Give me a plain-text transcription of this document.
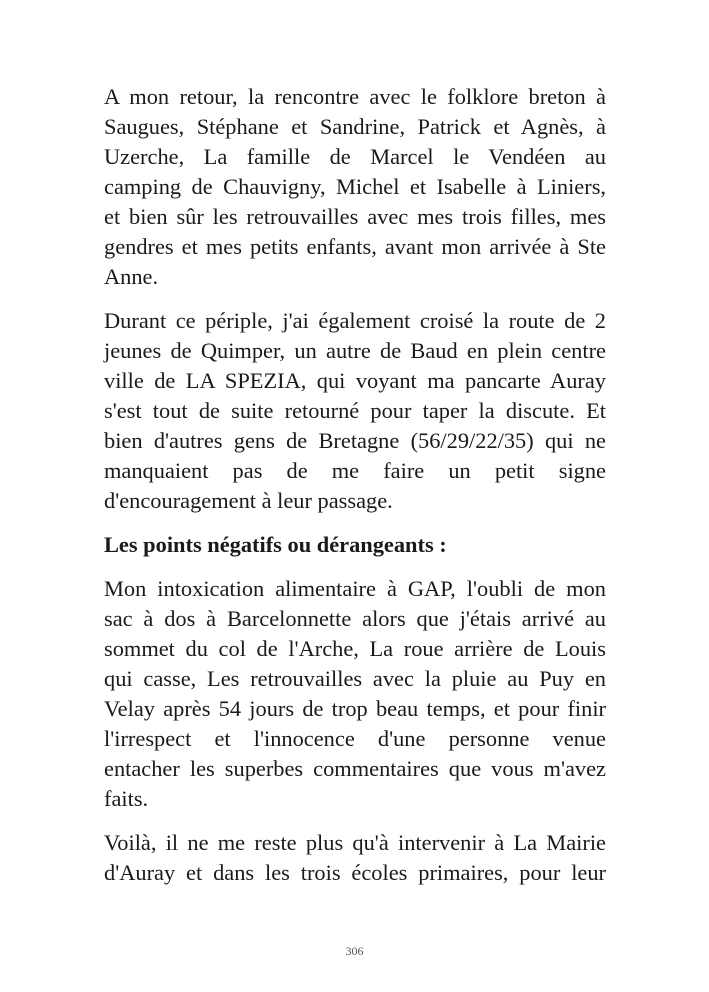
A mon retour, la rencontre avec le folklore breton à
Saugues, Stéphane et Sandrine, Patrick et Agnès, à
Uzerche, La famille de Marcel le Vendéen au
camping de Chauvigny, Michel et Isabelle à Liniers,
et bien sûr les retrouvailles avec mes trois filles, mes
gendres et mes petits enfants, avant mon arrivée à Ste
Anne.

Durant ce périple, j'ai également croisé la route de 2
jeunes de Quimper, un autre de Baud en plein centre
ville de LA SPEZIA, qui voyant ma pancarte Auray
s'est tout de suite retourné pour taper la discute. Et
bien d'autres gens de Bretagne (56/29/22/35) qui ne
manquaient pas de me faire un petit signe
d'encouragement à leur passage.

Les points négatifs ou dérangeants :

Mon intoxication alimentaire à GAP, l'oubli de mon
sac à dos à Barcelonnette alors que j'étais arrivé au
sommet du col de l'Arche, La roue arrière de Louis
qui casse, Les retrouvailles avec la pluie au Puy en
Velay après 54 jours de trop beau temps, et pour finir
l'irrespect et l'innocence d'une personne venue
entacher les superbes commentaires que vous m'avez
faits.

Voilà, il ne me reste plus qu'à intervenir à La Mairie
d'Auray et dans les trois écoles primaires, pour leur

306
